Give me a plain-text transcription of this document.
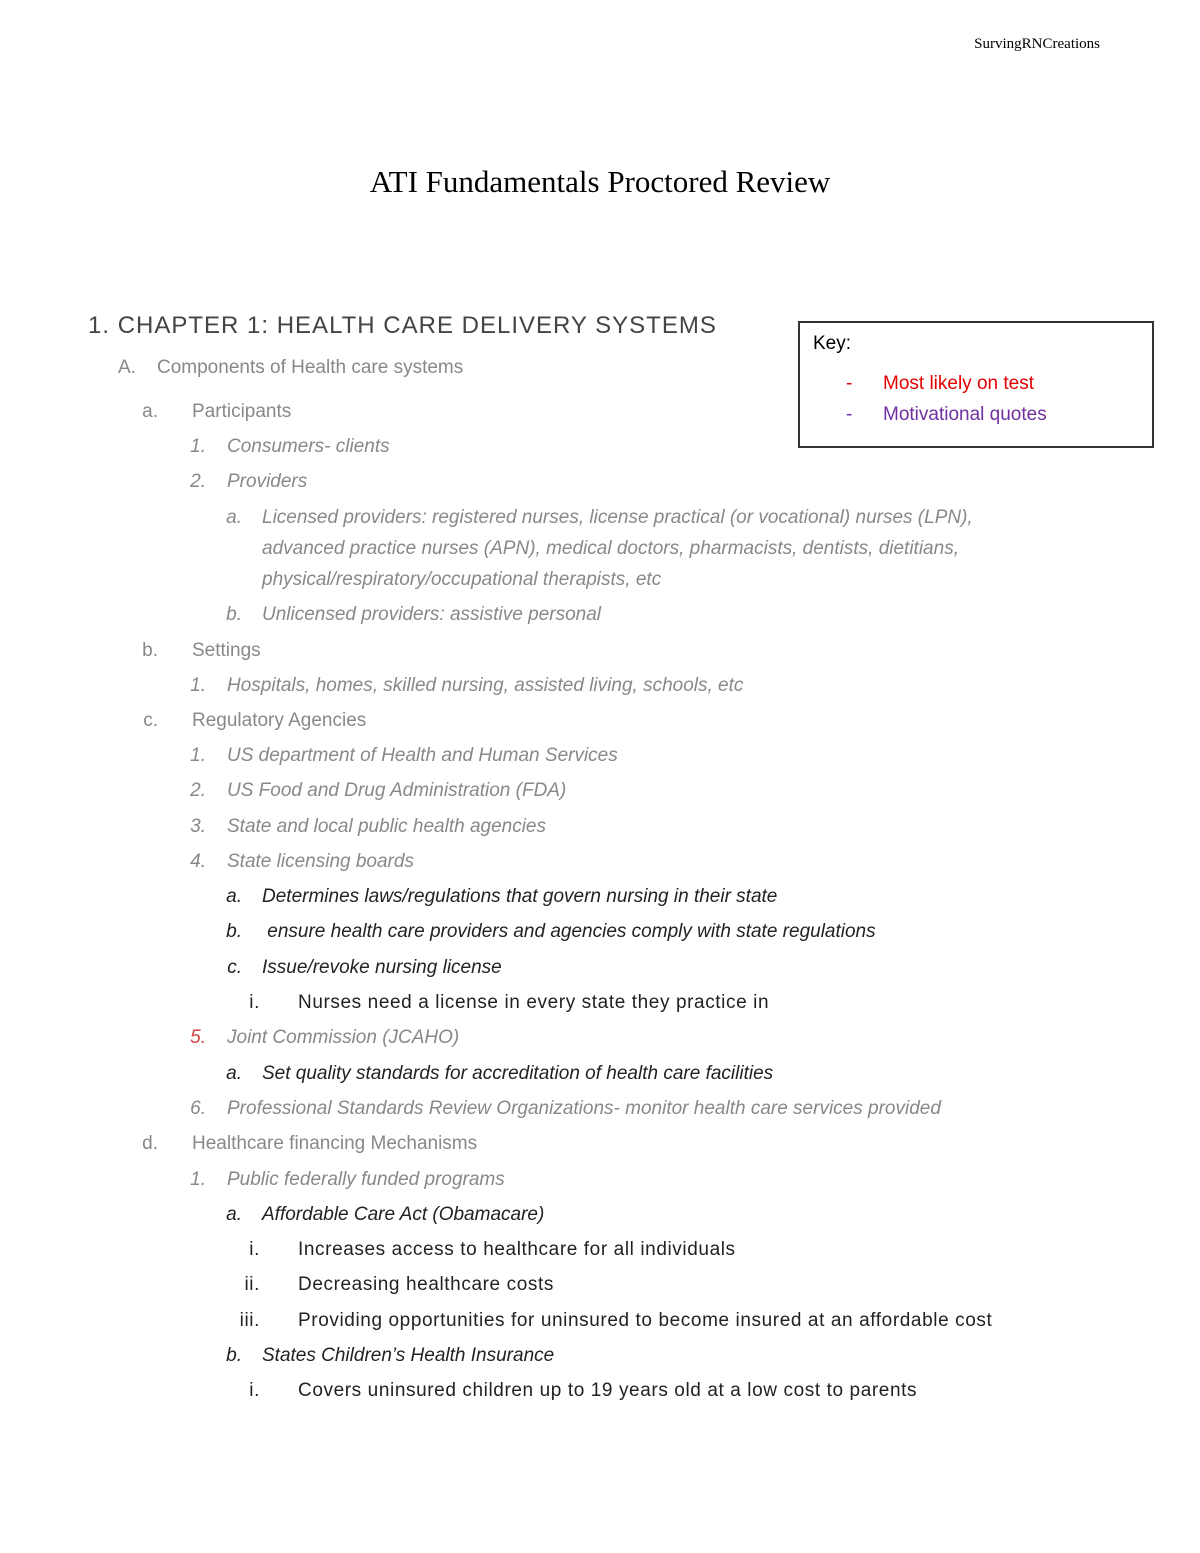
SurvingRNCreations
ATI Fundamentals Proctored Review
1. CHAPTER 1: HEALTH CARE DELIVERY SYSTEMS
Key:
- Most likely on test
- Motivational quotes
A.	Components of Health care systems
a. Participants
1. Consumers- clients
2. Providers
a. Licensed providers: registered nurses, license practical (or vocational) nurses (LPN),
advanced practice nurses (APN), medical doctors, pharmacists, dentists, dietitians,
physical/respiratory/occupational therapists, etc
b. Unlicensed providers: assistive personal
b. Settings
1. Hospitals, homes, skilled nursing, assisted living, schools, etc
c. Regulatory Agencies
1. US department of Health and Human Services
2. US Food and Drug Administration (FDA)
3. State and local public health agencies
4. State licensing boards
a. Determines laws/regulations that govern nursing in their state
b. ensure health care providers and agencies comply with state regulations
c. Issue/revoke nursing license
i. Nurses need a license in every state they practice in
5. Joint Commission (JCAHO)
a. Set quality standards for accreditation of health care facilities
6. Professional Standards Review Organizations- monitor health care services provided
d. Healthcare financing Mechanisms
1. Public federally funded programs
a. Affordable Care Act (Obamacare)
i. Increases access to healthcare for all individuals
ii. Decreasing healthcare costs
iii. Providing opportunities for uninsured to become insured at an affordable cost
b. States Children’s Health Insurance
i. Covers uninsured children up to 19 years old at a low cost to parents
